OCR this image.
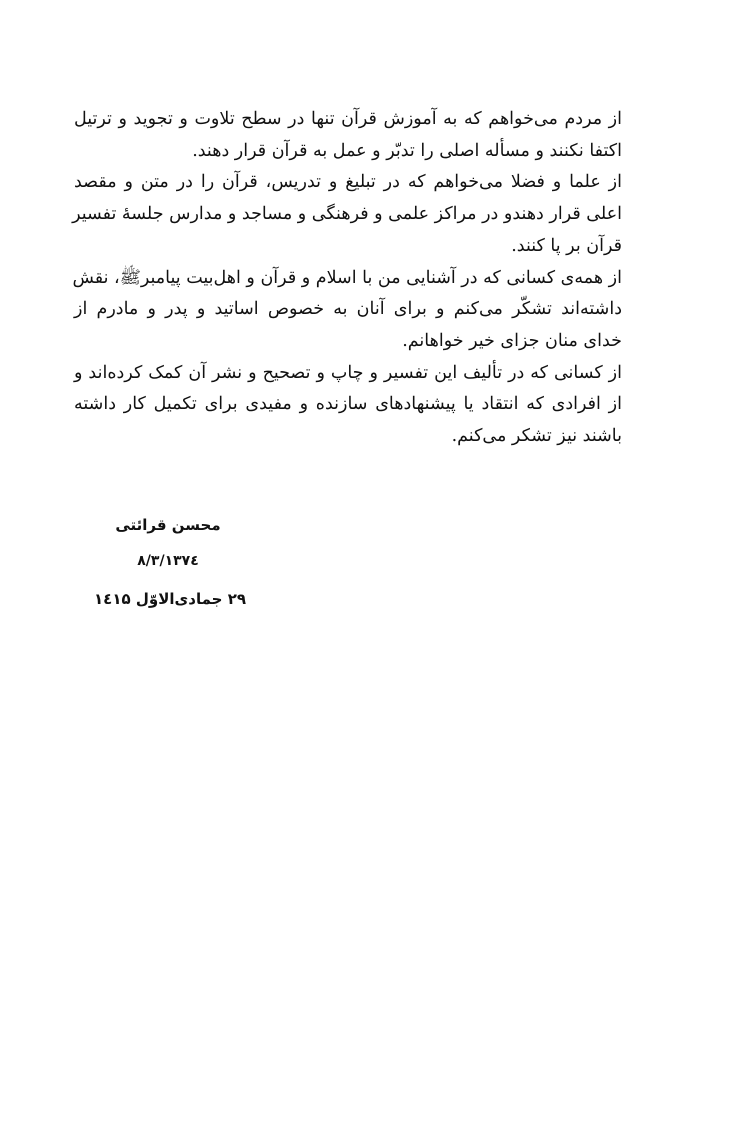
از مردم می‌خواهم که به آموزش قرآن تنها در سطح تلاوت و تجوید و ترتیل
اکتفا نکنند و مسأله اصلی را تدبّر و عمل به قرآن قرار دهند.

از علما و فضلا می‌خواهم که در تبلیغ و تدریس، قرآن را در متن و مقصد
اعلی قرار دهندو در مراکز علمی و فرهنگی و مساجد و مدارس جلسهٔ تفسیر
قرآن بر پا کنند.

از همه‌ی کسانی که در آشنایی من با اسلام و قرآن و اهل‌بیت پیامبرﷺ، نقش
داشته‌اند تشکّر می‌کنم و برای آنان به خصوص اساتید و پدر و مادرم از
خدای منان جزای خیر خواهانم.

از کسانی که در تألیف این تفسیر و چاپ و تصحیح و نشر آن کمک کرده‌اند و
از افرادی که انتقاد یا پیشنهادهای سازنده و مفیدی برای تکمیل کار داشته
باشند نیز تشکر می‌کنم.

محسن قرائتی
۱۳۷٤/۸/۳
۲۹ جمادی‌الاوّل ۱٤۱۵
